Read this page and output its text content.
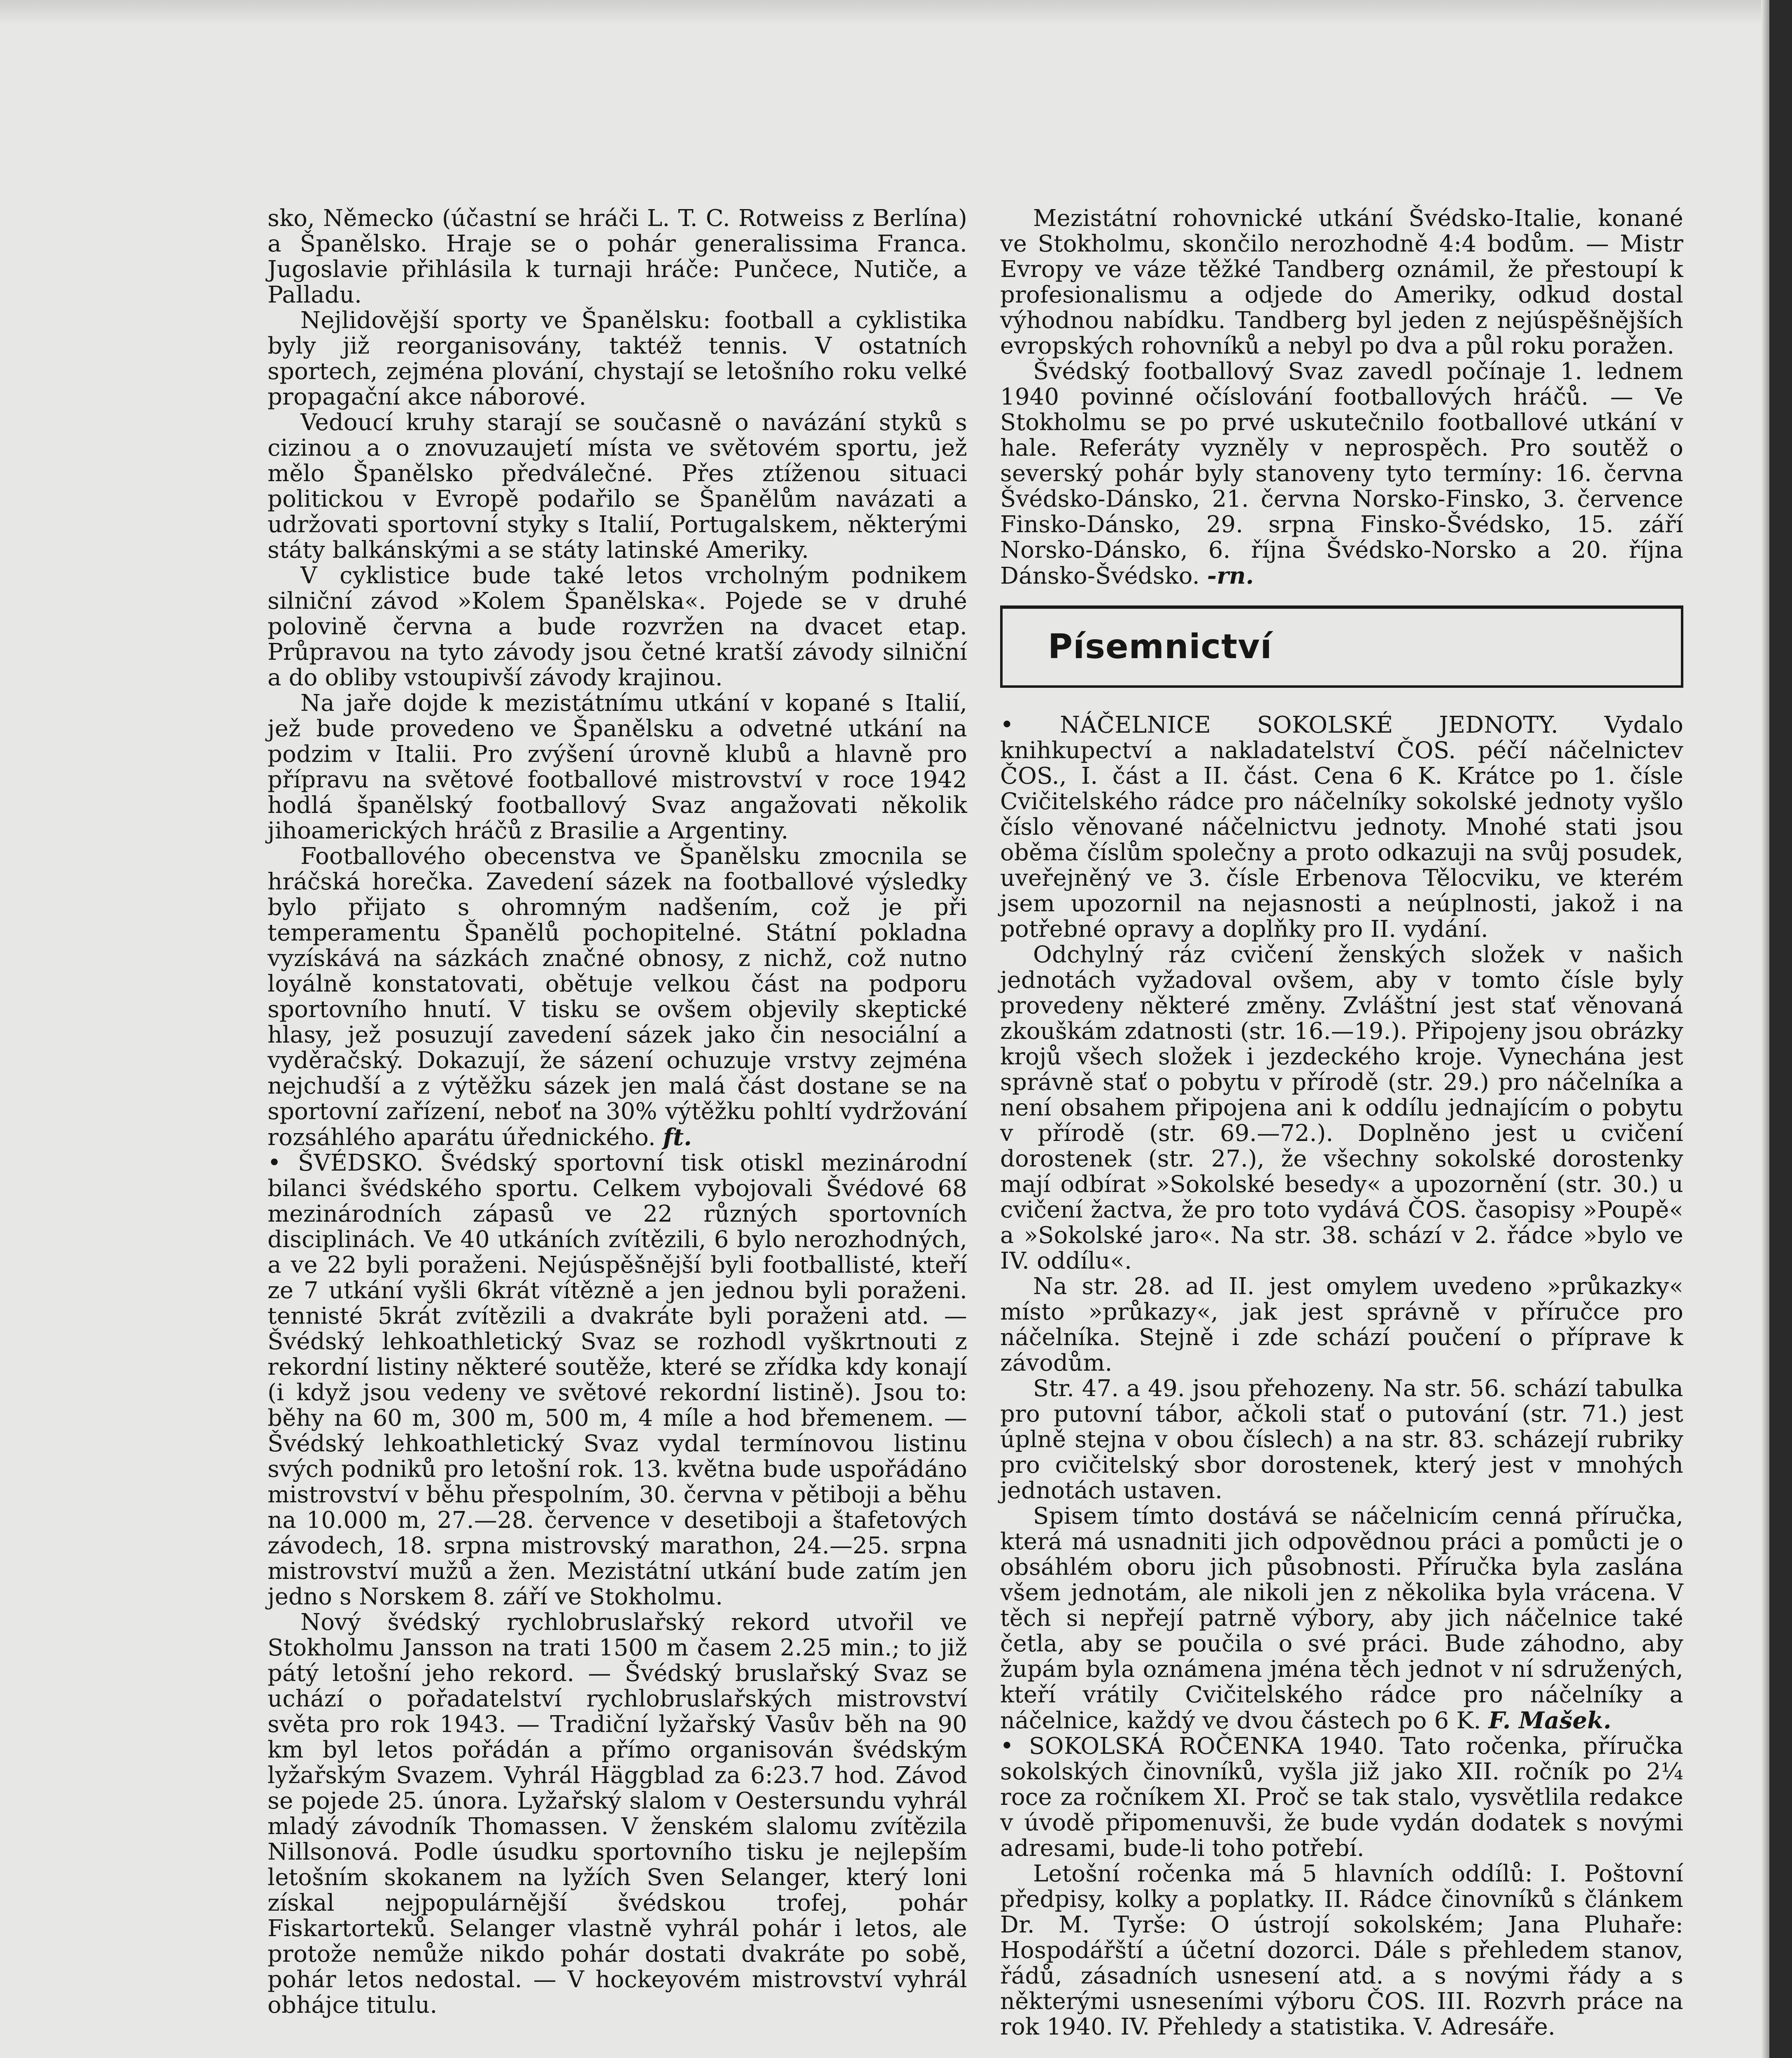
sko, Německo (účastní se hráči L. T. C. Rotweiss z Berlína) a Španělsko. Hraje se o pohár generalissima Franca. Jugoslavie přihlásila k turnaji hráče: Punčece, Nutiče, a Palladu.

Nejlidovější sporty ve Španělsku: football a cyklistika byly již reorganisovány, taktéž tennis. V ostatních sportech, zejména plování, chystají se letošního roku velké propagační akce náborové.

Vedoucí kruhy starají se současně o navázání styků s cizinou a o znovuzaujetí místa ve světovém sportu, jež mělo Španělsko předválečné. Přes ztíženou situaci politickou v Evropě podařilo se Španělům navázati a udržovati sportovní styky s Italií, Portugalskem, některými státy balkánskými a se státy latinské Ameriky.

V cyklistice bude také letos vrcholným podnikem silniční závod »Kolem Španělska«. Pojede se v druhé polovině června a bude rozvržen na dvacet etap. Průpravou na tyto závody jsou četné kratší závody silniční a do obliby vstoupivší závody krajinou.

Na jaře dojde k mezistátnímu utkání v kopané s Italií, jež bude provedeno ve Španělsku a odvetné utkání na podzim v Italii. Pro zvýšení úrovně klubů a hlavně pro přípravu na světové footballové mistrovství v roce 1942 hodlá španělský footballový Svaz angažovati několik jihoamerických hráčů z Brasilie a Argentiny.

Footballového obecenstva ve Španělsku zmocnila se hráčská horečka. Zavedení sázek na footballové výsledky bylo přijato s ohromným nadšením, což je při temperamentu Španělů pochopitelné. Státní pokladna vyzískává na sázkách značné obnosy, z nichž, což nutno loyálně konstatovati, obětuje velkou část na podporu sportovního hnutí. V tisku se ovšem objevily skeptické hlasy, jež posuzují zavedení sázek jako čin nesociální a vyděračský. Dokazují, že sázení ochuzuje vrstvy zejména nejchudší a z výtěžku sázek jen malá část dostane se na sportovní zařízení, neboť na 30% výtěžku pohltí vydržování rozsáhlého aparátu úřednického. ft.

• ŠVÉDSKO. Švédský sportovní tisk otiskl mezinárodní bilanci švédského sportu. Celkem vybojovali Švédové 68 mezinárodních zápasů ve 22 různých sportovních disciplinách. Ve 40 utkáních zvítězili, 6 bylo nerozhodných, a ve 22 byli poraženi. Nejúspěšnější byli footballisté, kteří ze 7 utkání vyšli 6krát vítězně a jen jednou byli poraženi. tennisté 5krát zvítězili a dvakráte byli poraženi atd. — Švédský lehkoathletický Svaz se rozhodl vyškrtnouti z rekordní listiny některé soutěže, které se zřídka kdy konají (i když jsou vedeny ve světové rekordní listině). Jsou to: běhy na 60 m, 300 m, 500 m, 4 míle a hod břemenem. — Švédský lehkoathletický Svaz vydal termínovou listinu svých podniků pro letošní rok. 13. května bude uspořádáno mistrovství v běhu přespolním, 30. června v pětiboji a běhu na 10.000 m, 27.—28. července v desetiboji a štafetových závodech, 18. srpna mistrovský marathon, 24.—25. srpna mistrovství mužů a žen. Mezistátní utkání bude zatím jen jedno s Norskem 8. září ve Stokholmu.

Nový švédský rychlobruslařský rekord utvořil ve Stokholmu Jansson na trati 1500 m časem 2.25 min.; to již pátý letošní jeho rekord. — Švédský bruslařský Svaz se uchází o pořadatelství rychlobruslařských mistrovství světa pro rok 1943. — Tradiční lyžařský Vasův běh na 90 km byl letos pořádán a přímo organisován švédským lyžařským Svazem. Vyhrál Häggblad za 6:23.7 hod. Závod se pojede 25. února. Lyžařský slalom v Oestersundu vyhrál mladý závodník Thomassen. V ženském slalomu zvítězila Nillsonová. Podle úsudku sportovního tisku je nejlepším letošním skokanem na lyžích Sven Selanger, který loni získal nejpopulárnější švédskou trofej, pohár Fiskartorteků. Selanger vlastně vyhrál pohár i letos, ale protože nemůže nikdo pohár dostati dvakráte po sobě, pohár letos nedostal. — V hockeyovém mistrovství vyhrál obhájce titulu.

Mezistátní rohovnické utkání Švédsko-Italie, konané ve Stokholmu, skončilo nerozhodně 4:4 bodům. — Mistr Evropy ve váze těžké Tandberg oznámil, že přestoupí k profesionalismu a odjede do Ameriky, odkud dostal výhodnou nabídku. Tandberg byl jeden z nejúspěšnějších evropských rohovníků a nebyl po dva a půl roku poražen.

Švédský footballový Svaz zavedl počínaje 1. lednem 1940 povinné očíslování footballových hráčů. — Ve Stokholmu se po prvé uskutečnilo footballové utkání v hale. Referáty vyzněly v neprospěch. Pro soutěž o severský pohár byly stanoveny tyto termíny: 16. června Švédsko-Dánsko, 21. června Norsko-Finsko, 3. července Finsko-Dánsko, 29. srpna Finsko-Švédsko, 15. září Norsko-Dánsko, 6. října Švédsko-Norsko a 20. října Dánsko-Švédsko. -rn.

Písemnictví

• NÁČELNICE SOKOLSKÉ JEDNOTY. Vydalo knihkupectví a nakladatelství ČOS. péčí náčelnictev ČOS., I. část a II. část. Cena 6 K. Krátce po 1. čísle Cvičitelského rádce pro náčelníky sokolské jednoty vyšlo číslo věnované náčelnictvu jednoty. Mnohé stati jsou oběma číslům společny a proto odkazuji na svůj posudek, uveřejněný ve 3. čísle Erbenova Tělocviku, ve kterém jsem upozornil na nejasnosti a neúplnosti, jakož i na potřebné opravy a doplňky pro II. vydání.

Odchylný ráz cvičení ženských složek v našich jednotách vyžadoval ovšem, aby v tomto čísle byly provedeny některé změny. Zvláštní jest stať věnovaná zkouškám zdatnosti (str. 16.—19.). Připojeny jsou obrázky krojů všech složek i jezdeckého kroje. Vynechána jest správně stať o pobytu v přírodě (str. 29.) pro náčelníka a není obsahem připojena ani k oddílu jednajícím o pobytu v přírodě (str. 69.—72.). Doplněno jest u cvičení dorostenek (str. 27.), že všechny sokolské dorostenky mají odbírat »Sokolské besedy« a upozornění (str. 30.) u cvičení žactva, že pro toto vydává ČOS. časopisy »Poupě« a »Sokolské jaro«. Na str. 38. schází v 2. řádce »bylo ve IV. oddílu«.

Na str. 28. ad II. jest omylem uvedeno »průkazky« místo »průkazy«, jak jest správně v příručce pro náčelníka. Stejně i zde schází poučení o příprave k závodům.

Str. 47. a 49. jsou přehozeny. Na str. 56. schází tabulka pro putovní tábor, ačkoli stať o putování (str. 71.) jest úplně stejna v obou číslech) a na str. 83. scházejí rubriky pro cvičitelský sbor dorostenek, který jest v mnohých jednotách ustaven.

Spisem tímto dostává se náčelnicím cenná příručka, která má usnadniti jich odpovědnou práci a pomůcti je o obsáhlém oboru jich působnosti. Příručka byla zaslána všem jednotám, ale nikoli jen z několika byla vrácena. V těch si nepřejí patrně výbory, aby jich náčelnice také četla, aby se poučila o své práci. Bude záhodno, aby župám byla oznámena jména těch jednot v ní sdružených, kteří vrátily Cvičitelského rádce pro náčelníky a náčelnice, každý ve dvou částech po 6 K. F. Mašek.

• SOKOLSKÁ ROČENKA 1940. Tato ročenka, příručka sokolských činovníků, vyšla již jako XII. ročník po 2¼ roce za ročníkem XI. Proč se tak stalo, vysvětlila redakce v úvodě připomenuvši, že bude vydán dodatek s novými adresami, bude-li toho potřebí.

Letošní ročenka má 5 hlavních oddílů: I. Poštovní předpisy, kolky a poplatky. II. Rádce činovníků s článkem Dr. M. Tyrše: O ústrojí sokolském; Jana Pluhaře: Hospodářští a účetní dozorci. Dále s přehledem stanov, řádů, zásadních usnesení atd. a s novými řády a s některými usneseními výboru ČOS. III. Rozvrh práce na rok 1940. IV. Přehledy a statistika. V. Adresáře.
